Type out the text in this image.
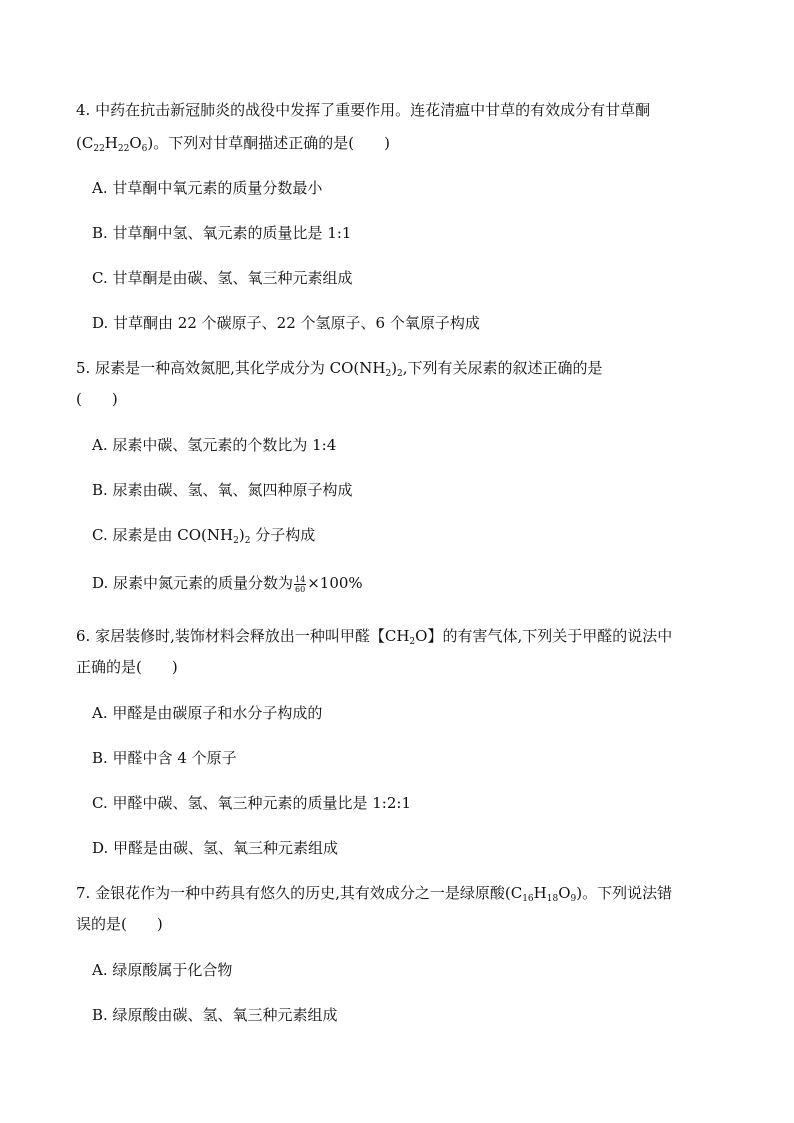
4. 中药在抗击新冠肺炎的战役中发挥了重要作用。连花清瘟中甘草的有效成分有甘草酮
$(C_{22}H_{22}O_6)$。下列对甘草酮描述正确的是(　　)
A. 甘草酮中氧元素的质量分数最小
B. 甘草酮中氢、氧元素的质量比是 1:1
C. 甘草酮是由碳、氢、氧三种元素组成
D. 甘草酮由 22 个碳原子、22 个氢原子、6 个氧原子构成
5. 尿素是一种高效氮肥,其化学成分为 $CO(NH_2)_2$,下列有关尿素的叙述正确的是
(　　)
A. 尿素中碳、氢元素的个数比为 1:4
B. 尿素由碳、氢、氧、氮四种原子构成
C. 尿素是由 $CO(NH_2)_2$ 分子构成
D. 尿素中氮元素的质量分数为 $\frac{14}{60} \times 100\%$
6. 家居装修时,装饰材料会释放出一种叫甲醛【$CH_2O$】的有害气体,下列关于甲醛的说法中
正确的是(　　)
A. 甲醛是由碳原子和水分子构成的
B. 甲醛中含 4 个原子
C. 甲醛中碳、氢、氧三种元素的质量比是 1:2:1
D. 甲醛是由碳、氢、氧三种元素组成
7. 金银花作为一种中药具有悠久的历史,其有效成分之一是绿原酸$(C_{16}H_{18}O_9)$。下列说法错
误的是(　　)
A. 绿原酸属于化合物
B. 绿原酸由碳、氢、氧三种元素组成
